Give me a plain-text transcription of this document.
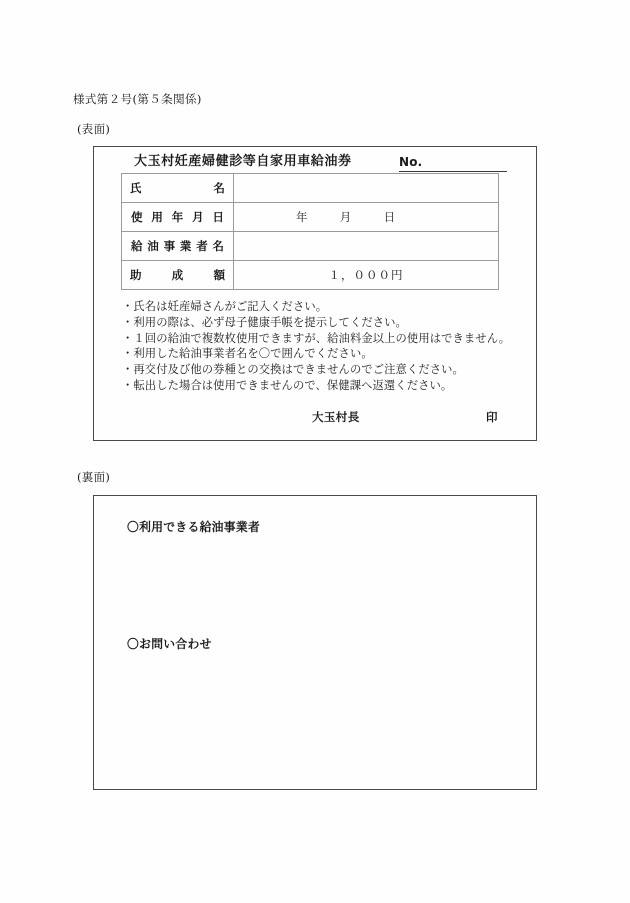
様式第２号(第５条関係)
(表面)
大玉村妊産婦健診等自家用車給油券	No.
氏 名	

使 用 年 月 日	年 月 日

給 油 事 業 者 名

助 成 額	１，０００円
・氏名は妊産婦さんがご記入ください。
・利用の際は、必ず母子健康手帳を提示してください。
・１回の給油で複数枚使用できますが、給油料金以上の使用はできません。
・利用した給油事業者名を〇で囲んでください。
・再交付及び他の券種との交換はできませんのでご注意ください。
・転出した場合は使用できませんので、保健課へ返還ください。
大玉村長	印
(裏面)
〇利用できる給油事業者
〇お問い合わせ
